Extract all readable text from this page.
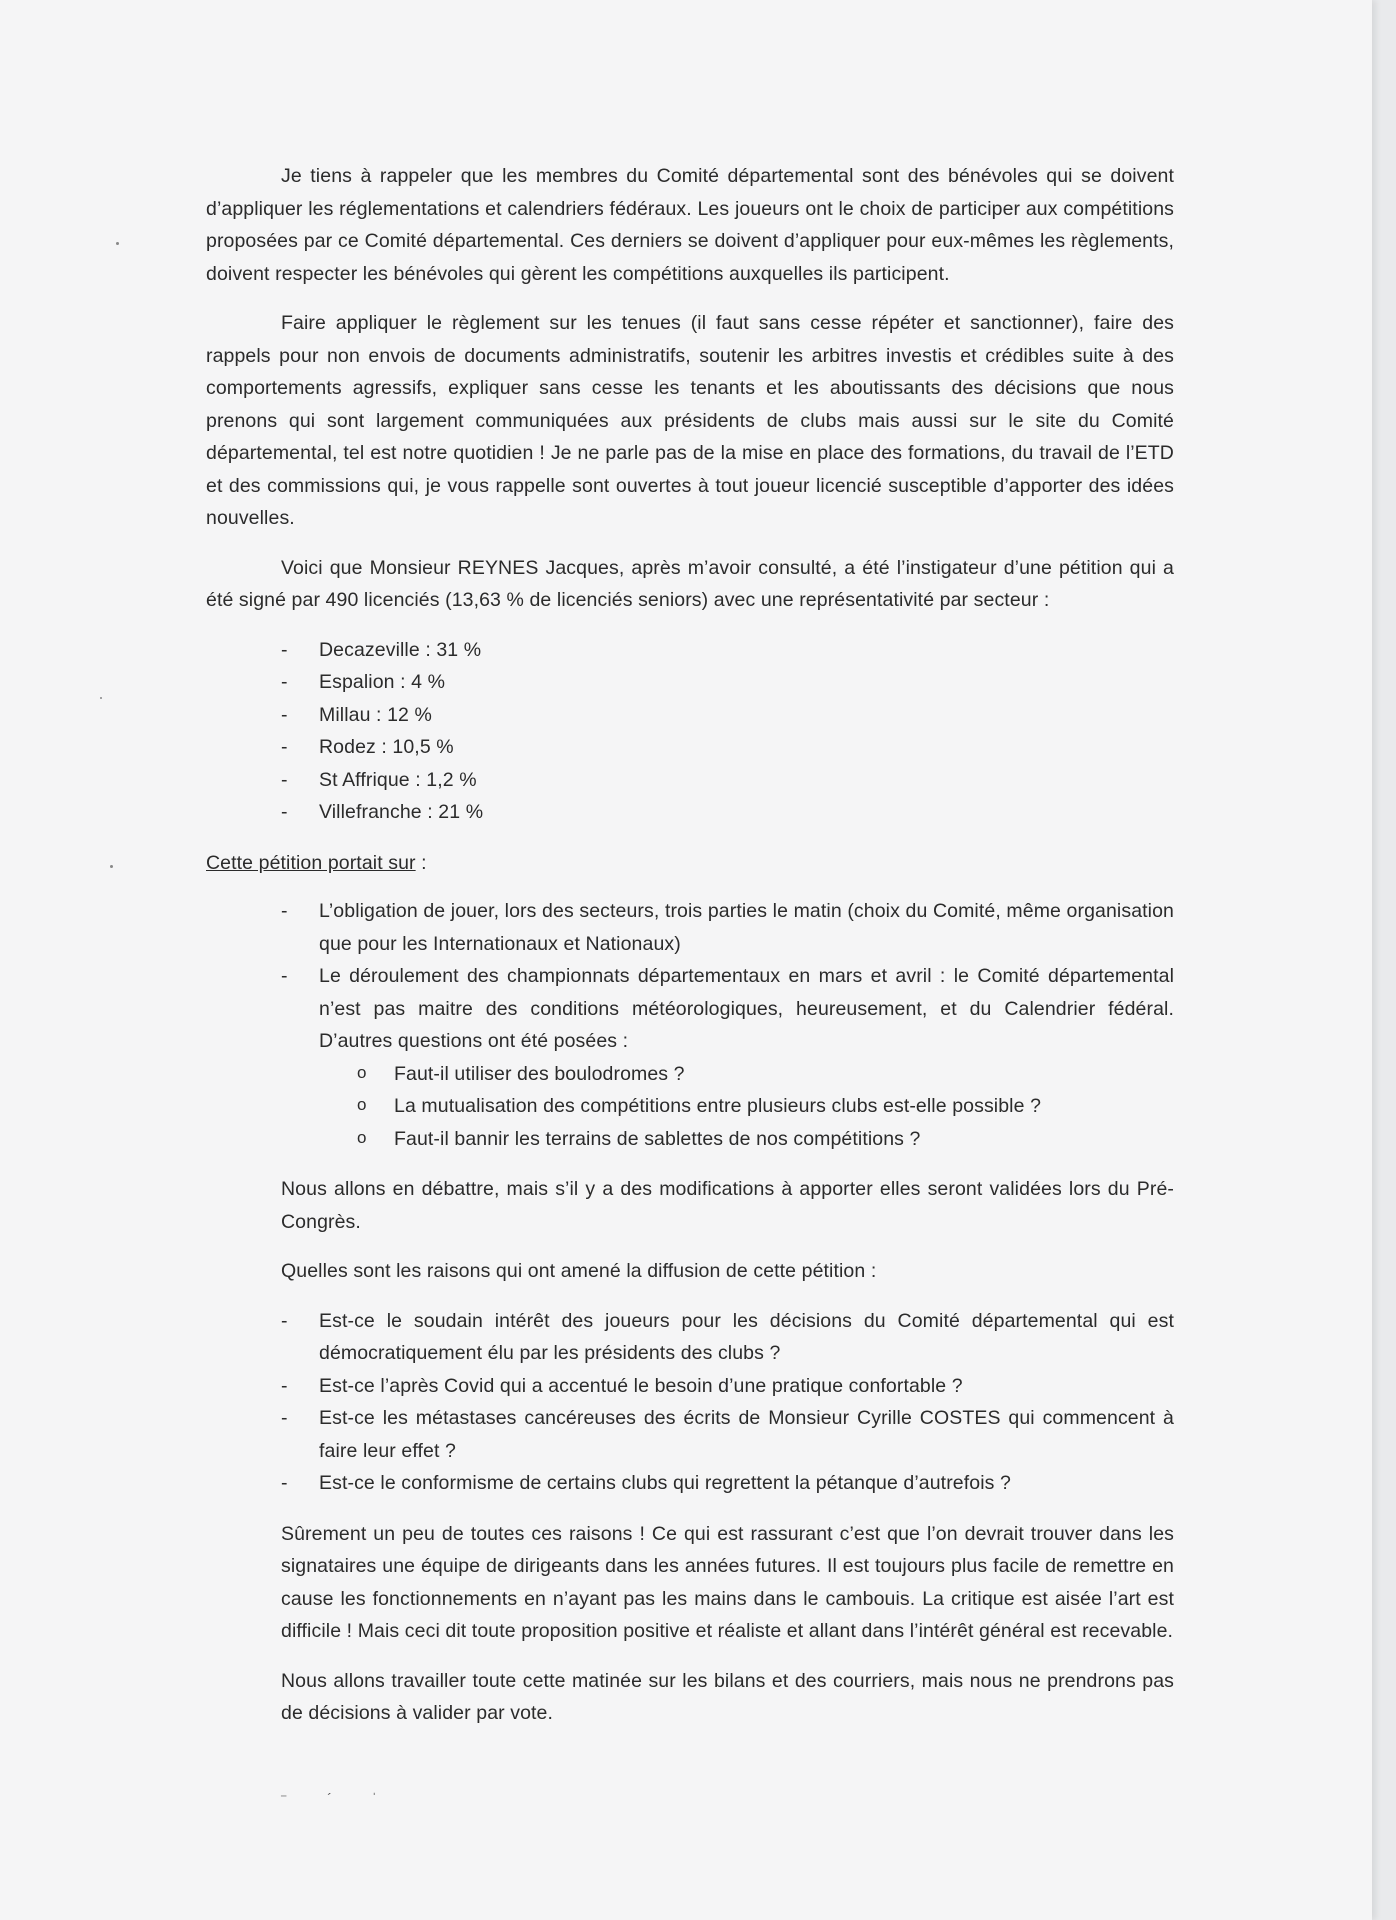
Je tiens à rappeler que les membres du Comité départemental sont des bénévoles qui se doivent d’appliquer les réglementations et calendriers fédéraux. Les joueurs ont le choix de participer aux compétitions proposées par ce Comité départemental. Ces derniers se doivent d’appliquer pour eux-mêmes les règlements, doivent respecter les bénévoles qui gèrent les compétitions auxquelles ils participent.

Faire appliquer le règlement sur les tenues (il faut sans cesse répéter et sanctionner), faire des rappels pour non envois de documents administratifs, soutenir les arbitres investis et crédibles suite à des comportements agressifs, expliquer sans cesse les tenants et les aboutissants des décisions que nous prenons qui sont largement communiquées aux présidents de clubs mais aussi sur le site du Comité départemental, tel est notre quotidien ! Je ne parle pas de la mise en place des formations, du travail de l’ETD et des commissions qui, je vous rappelle sont ouvertes à tout joueur licencié susceptible d’apporter des idées nouvelles.

Voici que Monsieur REYNES Jacques, après m’avoir consulté, a été l’instigateur d’une pétition qui a été signé par 490 licenciés (13,63 % de licenciés seniors) avec une représentativité par secteur :

- Decazeville : 31 %
- Espalion : 4 %
- Millau : 12 %
- Rodez : 10,5 %
- St Affrique : 1,2 %
- Villefranche : 21 %

Cette pétition portait sur :

- L’obligation de jouer, lors des secteurs, trois parties le matin (choix du Comité, même organisation que pour les Internationaux et Nationaux)
- Le déroulement des championnats départementaux en mars et avril : le Comité départemental n’est pas maitre des conditions météorologiques, heureusement, et du Calendrier fédéral. D’autres questions ont été posées :
o Faut-il utiliser des boulodromes ?
o La mutualisation des compétitions entre plusieurs clubs est-elle possible ?
o Faut-il bannir les terrains de sablettes de nos compétitions ?

Nous allons en débattre, mais s’il y a des modifications à apporter elles seront validées lors du Pré-Congrès.

Quelles sont les raisons qui ont amené la diffusion de cette pétition :

- Est-ce le soudain intérêt des joueurs pour les décisions du Comité départemental qui est démocratiquement élu par les présidents des clubs ?
- Est-ce l’après Covid qui a accentué le besoin d’une pratique confortable ?
- Est-ce les métastases cancéreuses des écrits de Monsieur Cyrille COSTES qui commencent à faire leur effet ?
- Est-ce le conformisme de certains clubs qui regrettent la pétanque d’autrefois ?

Sûrement un peu de toutes ces raisons ! Ce qui est rassurant c’est que l’on devrait trouver dans les signataires une équipe de dirigeants dans les années futures. Il est toujours plus facile de remettre en cause les fonctionnements en n’ayant pas les mains dans le cambouis. La critique est aisée l’art est difficile ! Mais ceci dit toute proposition positive et réaliste et allant dans l’intérêt général est recevable.

Nous allons travailler toute cette matinée sur les bilans et des courriers, mais nous ne prendrons pas de décisions à valider par vote.

⁻ ´ ˈ
